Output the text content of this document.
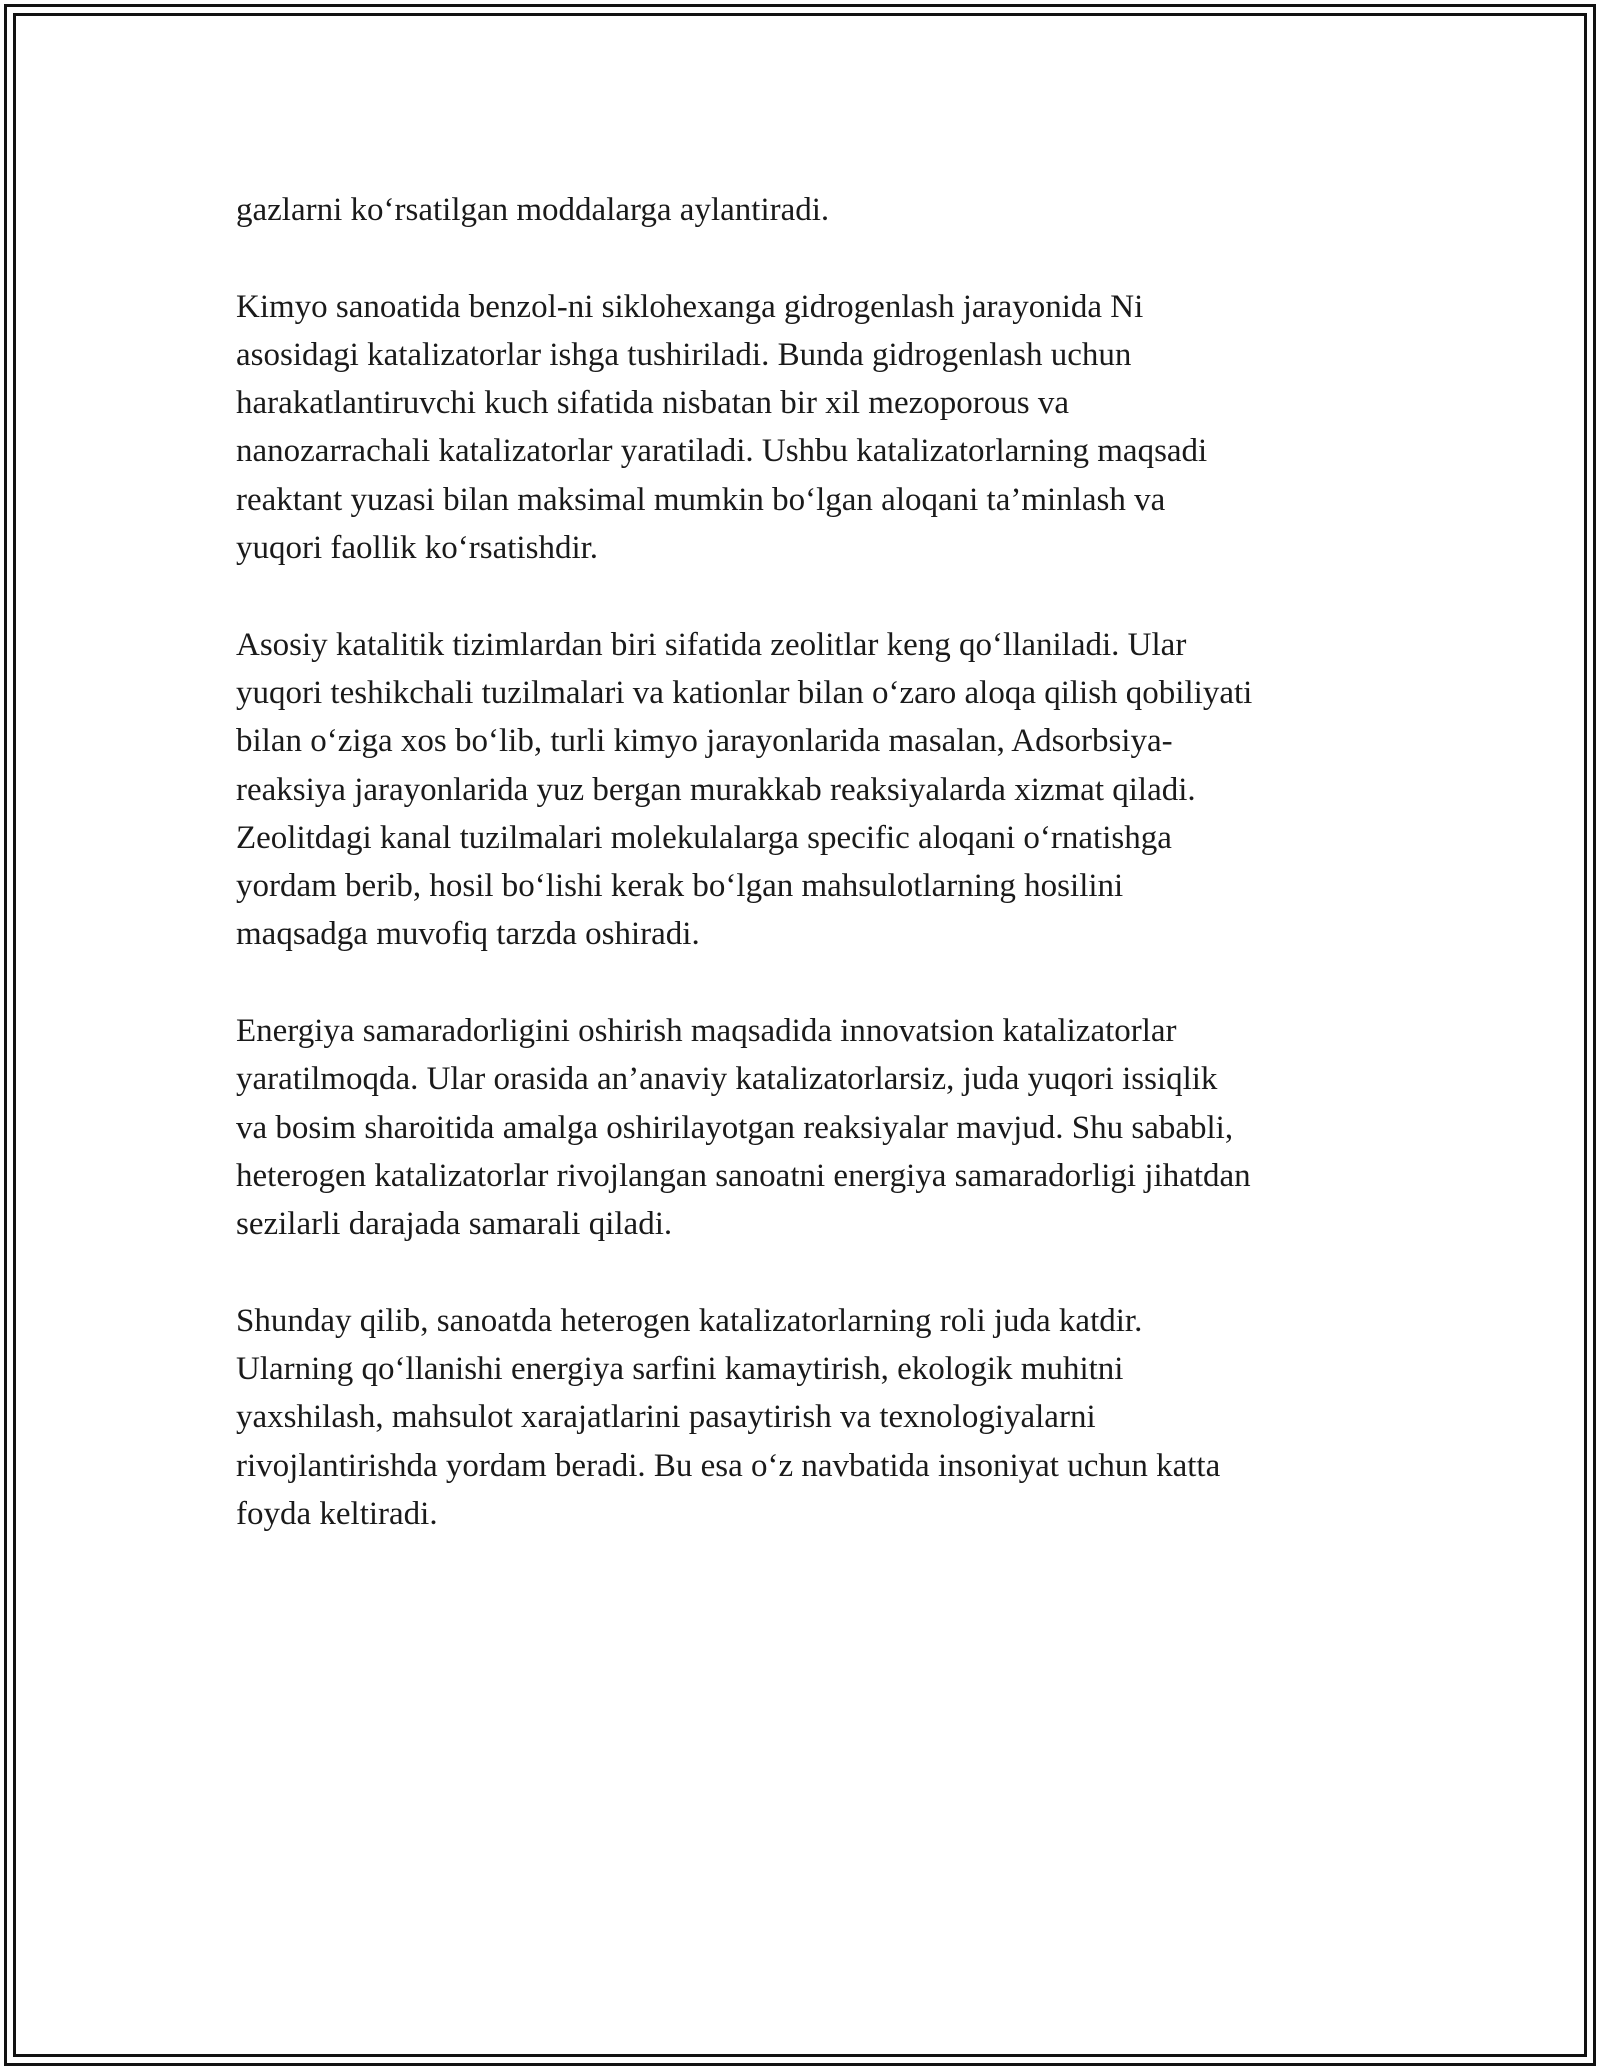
gazlarni ko‘rsatilgan moddalarga aylantiradi.

Kimyo sanoatida benzol-ni siklohexanga gidrogenlash jarayonida Ni
asosidagi katalizatorlar ishga tushiriladi. Bunda gidrogenlash uchun
harakatlantiruvchi kuch sifatida nisbatan bir xil mezoporous va
nanozarrachali katalizatorlar yaratiladi. Ushbu katalizatorlarning maqsadi
reaktant yuzasi bilan maksimal mumkin bo‘lgan aloqani ta’minlash va
yuqori faollik ko‘rsatishdir.

Asosiy katalitik tizimlardan biri sifatida zeolitlar keng qo‘llaniladi. Ular
yuqori teshikchali tuzilmalari va kationlar bilan o‘zaro aloqa qilish qobiliyati
bilan o‘ziga xos bo‘lib, turli kimyo jarayonlarida masalan, Adsorbsiya-
reaksiya jarayonlarida yuz bergan murakkab reaksiyalarda xizmat qiladi.
Zeolitdagi kanal tuzilmalari molekulalarga specific aloqani o‘rnatishga
yordam berib, hosil bo‘lishi kerak bo‘lgan mahsulotlarning hosilini
maqsadga muvofiq tarzda oshiradi.

Energiya samaradorligini oshirish maqsadida innovatsion katalizatorlar
yaratilmoqda. Ular orasida an’anaviy katalizatorlarsiz, juda yuqori issiqlik
va bosim sharoitida amalga oshirilayotgan reaksiyalar mavjud. Shu sababli,
heterogen katalizatorlar rivojlangan sanoatni energiya samaradorligi jihatdan
sezilarli darajada samarali qiladi.

Shunday qilib, sanoatda heterogen katalizatorlarning roli juda katdir.
Ularning qo‘llanishi energiya sarfini kamaytirish, ekologik muhitni
yaxshilash, mahsulot xarajatlarini pasaytirish va texnologiyalarni
rivojlantirishda yordam beradi. Bu esa o‘z navbatida insoniyat uchun katta
foyda keltiradi.
